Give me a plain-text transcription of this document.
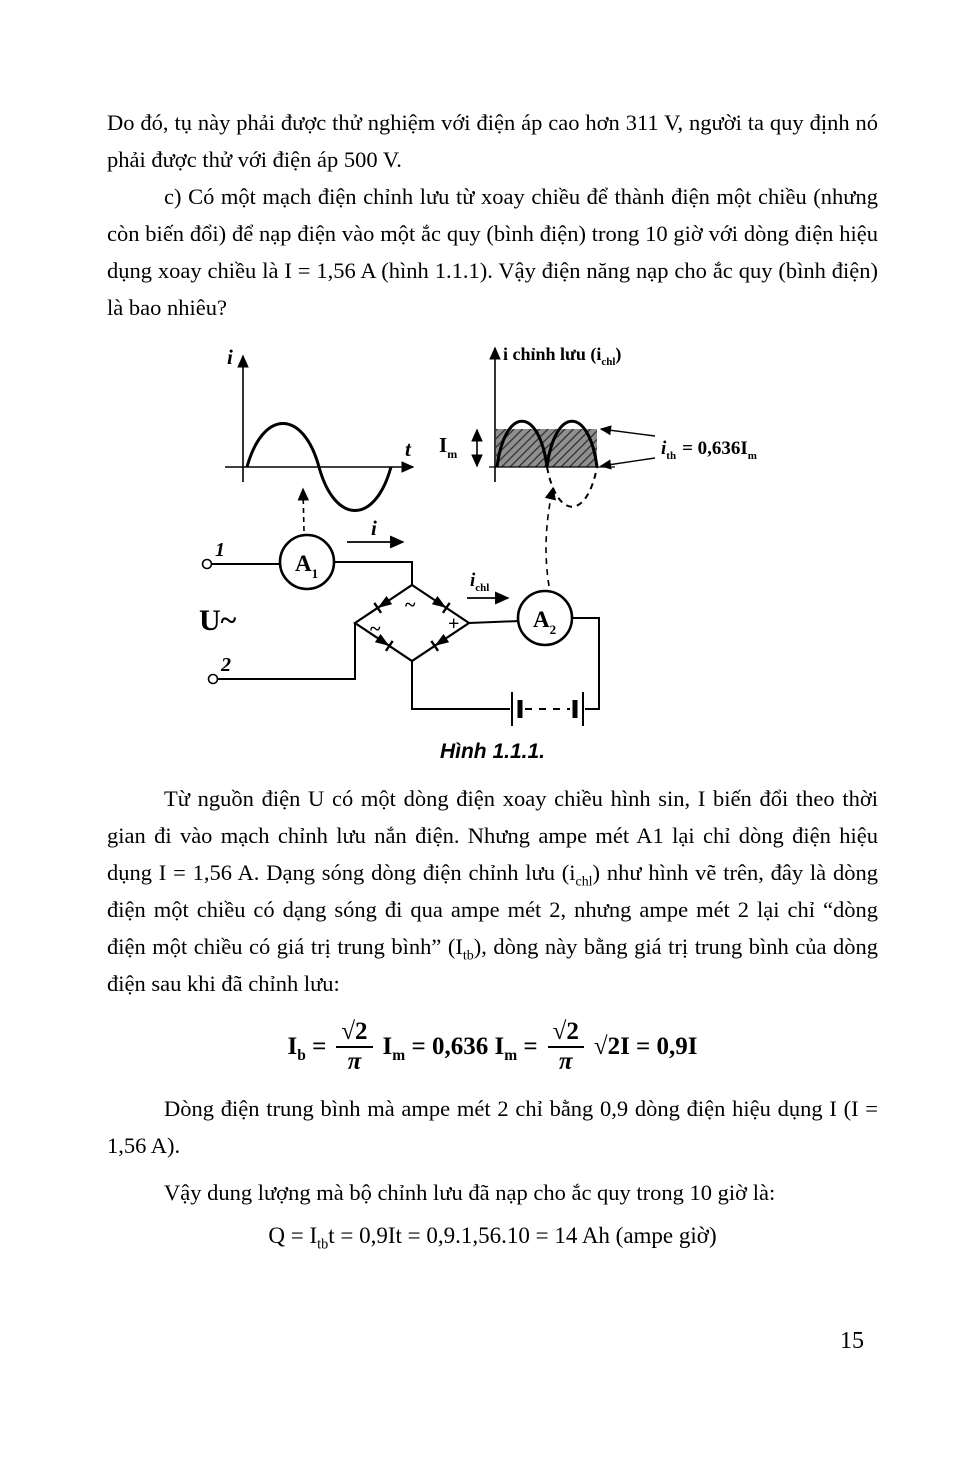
Do đó, tụ này phải được thử nghiệm với điện áp cao hơn 311 V, người ta quy định nó phải được thử với điện áp 500 V.

c) Có một mạch điện chỉnh lưu từ xoay chiều để thành điện một chiều (nhưng còn biến đổi) để nạp điện vào một ắc quy (bình điện) trong 10 giờ với dòng điện hiệu dụng xoay chiều là I = 1,56 A (hình 1.1.1). Vậy điện năng nạp cho ắc quy (bình điện) là bao nhiêu?

i
t
i chỉnh lưu $(i_{chl})$
$I_m$	$i_{th} = 0,636I_m$
1
2
U~
$A_1$
$A_2$
i
$i_{chl}$
+
~
~
Hình 1.1.1.

Từ nguồn điện U có một dòng điện xoay chiều hình sin, I biến đổi theo thời gian đi vào mạch chỉnh lưu nắn điện. Nhưng ampe mét A1 lại chỉ dòng điện hiệu dụng I = 1,56 A. Dạng sóng dòng điện chỉnh lưu $(i_{chl})$ như hình vẽ trên, đây là dòng điện một chiều có dạng sóng đi qua ampe mét 2, nhưng ampe mét 2 lại chỉ “dòng điện một chiều có giá trị trung bình” $(I_{tb})$, dòng này bằng giá trị trung bình của dòng điện sau khi đã chỉnh lưu:

$I_b = \frac{√2}{\pi} I_m = 0,636$ $I_m = \frac{√2}{\pi} √2I = 0,9I$

Dòng điện trung bình mà ampe mét 2 chỉ bằng 0,9 dòng điện hiệu dụng I (I = 1,56 A).

Vậy dung lượng mà bộ chỉnh lưu đã nạp cho ắc quy trong 10 giờ là:

$Q = I_{tb}t = 0,9It = 0,9.1,56.10 = 14$ Ah (ampe giờ)
15
